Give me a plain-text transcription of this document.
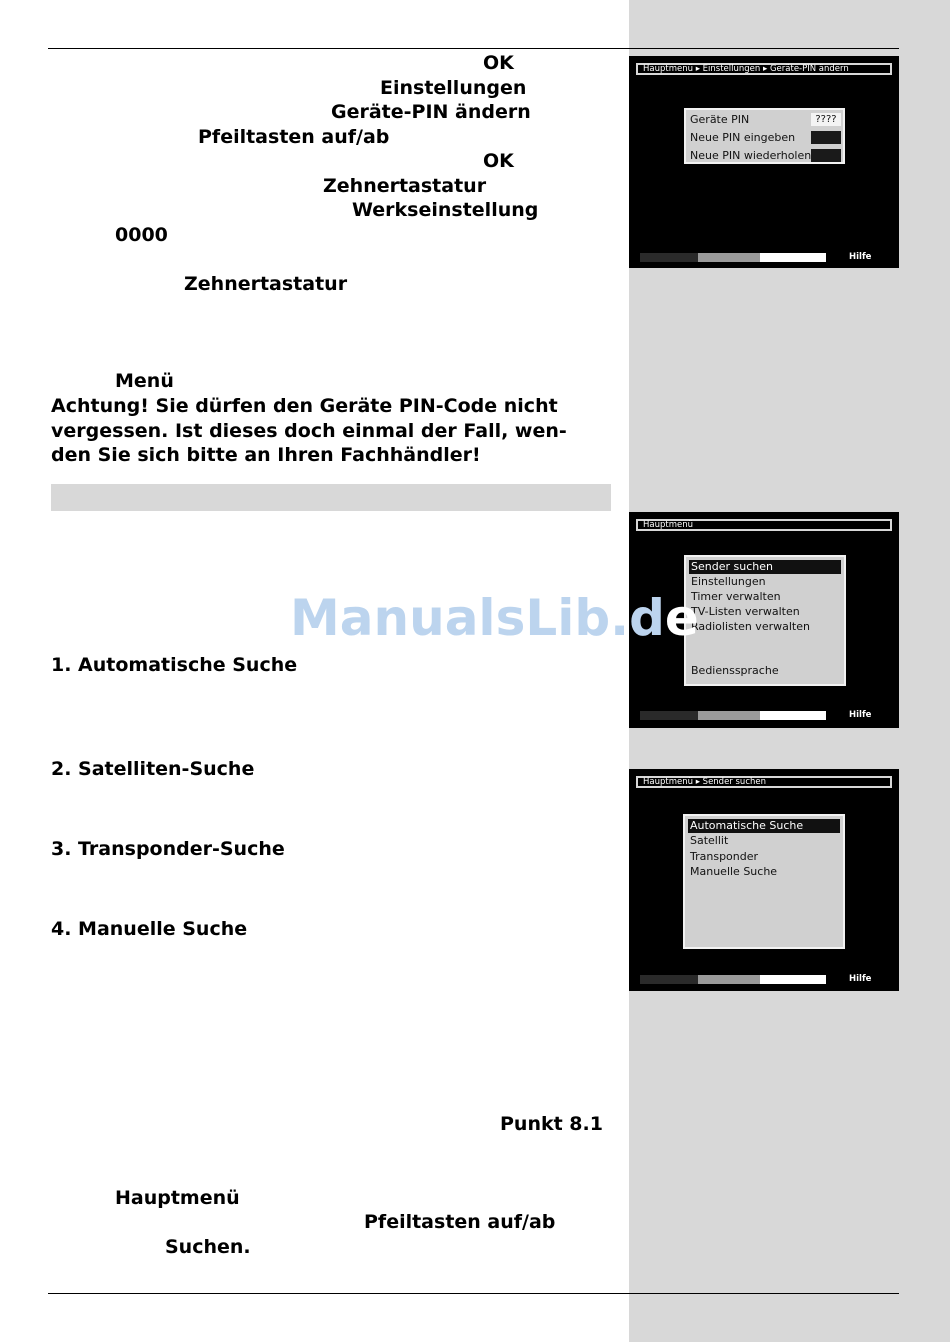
OK
Einstellungen
Geräte-PIN ändern
Pfeiltasten auf/ab
OK
Zehnertastatur
Werkseinstellung
0000
Zehnertastatur
Menü
Achtung! Sie dürfen den Geräte PIN-Code nicht
vergessen. Ist dieses doch einmal der Fall, wen-
den Sie sich bitte an Ihren Fachhändler!
1. Automatische Suche
2. Satelliten-Suche
3. Transponder-Suche
4. Manuelle Suche
Punkt 8.1
Hauptmenü
Pfeiltasten auf/ab
Suchen.
Hauptmenü ▸ Einstellungen ▸ Geräte-PIN ändern
Geräte PIN	????
Neue PIN eingeben
Neue PIN wiederholen
Hilfe
Hauptmenü
Sender suchen
Einstellungen
Timer verwalten
TV-Listen verwalten
Radiolisten verwalten
Bedienssprache
Hilfe
Hauptmenü ▸ Sender suchen
Automatische Suche
Satellit
Transponder
Manuelle Suche
Hilfe
ManualsLib.de
